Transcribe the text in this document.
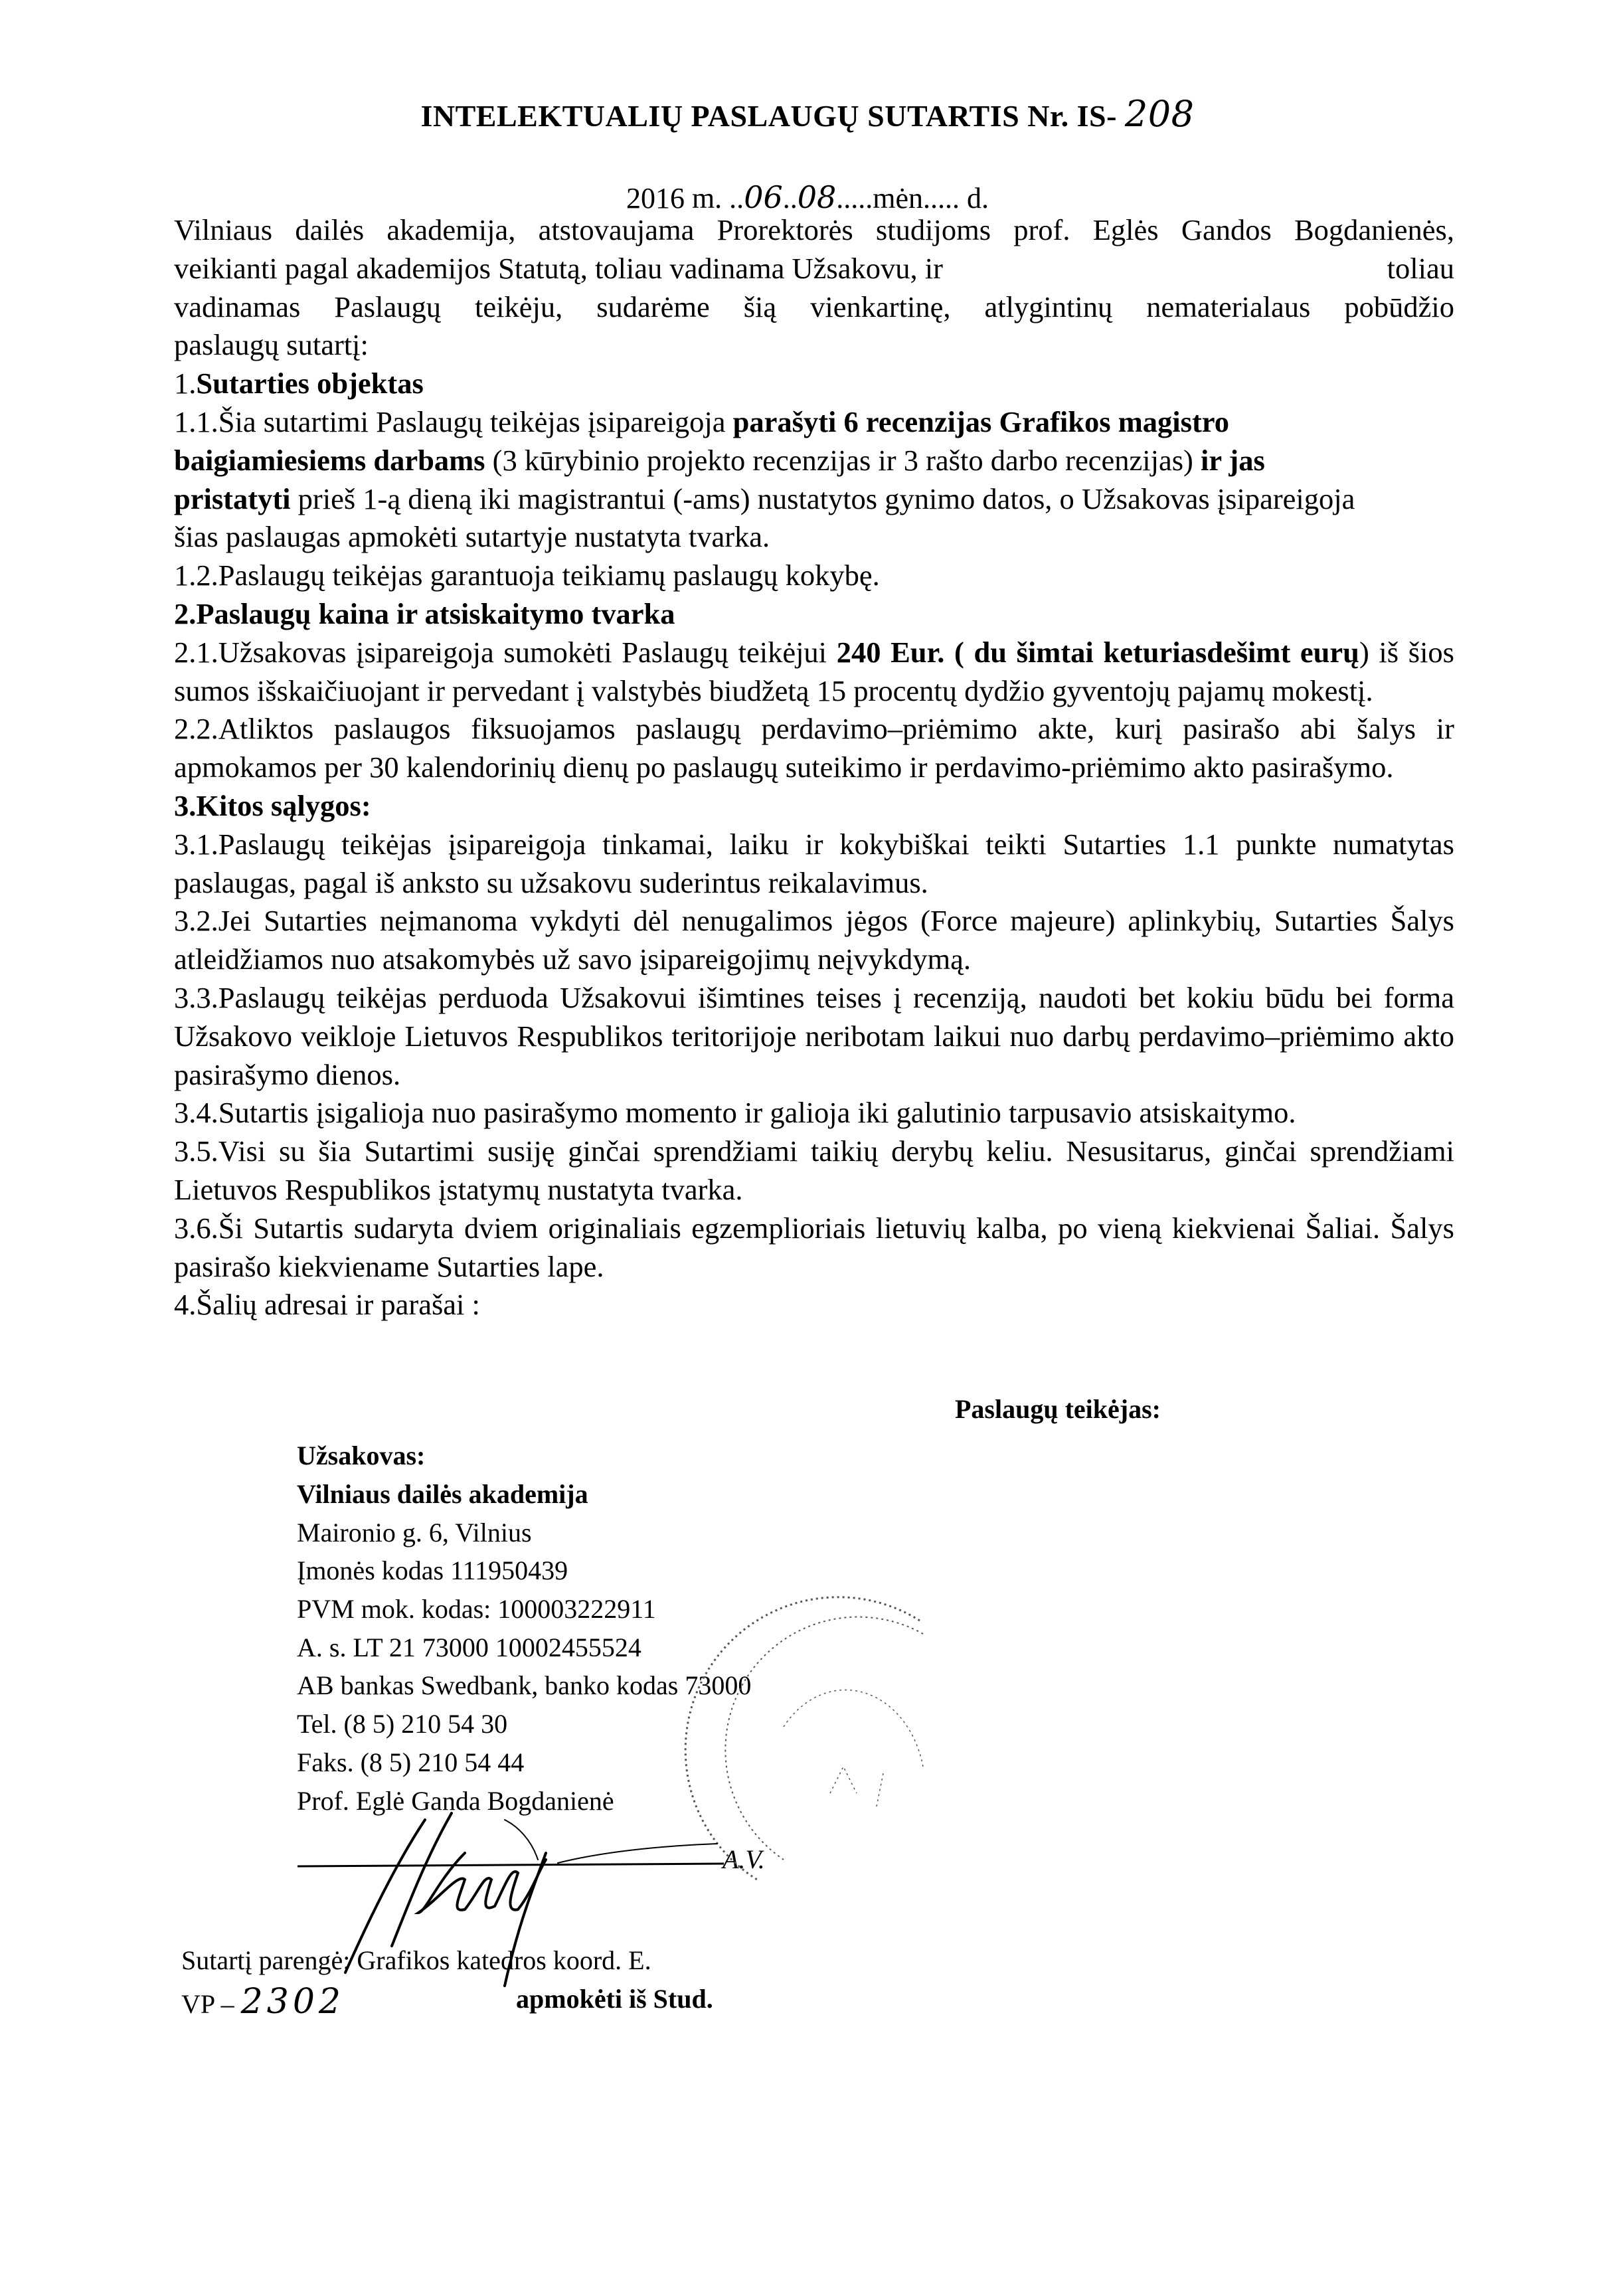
INTELEKTUALIŲ PASLAUGŲ SUTARTIS Nr. IS- 208
2016 m. ..06..08.....mėn..... d.

Vilniaus dailės akademija, atstovaujama Prorektorės studijoms prof. Eglės Gandos Bogdanienės,

veikianti pagal akademijos Statutą, toliau vadinama Užsakovu, ir	toliau

vadinamas Paslaugų teikėju, sudarėme šią vienkartinę, atlygintinų nematerialaus pobūdžio

paslaugų sutartį:

1.Sutarties objektas

1.1.Šia sutartimi Paslaugų teikėjas įsipareigoja parašyti 6 recenzijas Grafikos magistro baigiamiesiems darbams (3 kūrybinio projekto recenzijas ir 3 rašto darbo recenzijas) ir jas pristatyti prieš 1-ą dieną iki magistrantui (-ams) nustatytos gynimo datos, o Užsakovas įsipareigoja šias paslaugas apmokėti sutartyje nustatyta tvarka.

1.2.Paslaugų teikėjas garantuoja teikiamų paslaugų kokybę.

2.Paslaugų kaina ir atsiskaitymo tvarka

2.1.Užsakovas įsipareigoja sumokėti Paslaugų teikėjui 240 Eur. ( du šimtai keturiasdešimt eurų) iš šios sumos išskaičiuojant ir pervedant į valstybės biudžetą 15 procentų dydžio gyventojų pajamų mokestį.

2.2.Atliktos paslaugos fiksuojamos paslaugų perdavimo–priėmimo akte, kurį pasirašo abi šalys ir apmokamos per 30 kalendorinių dienų po paslaugų suteikimo ir perdavimo-priėmimo akto pasirašymo.

3.Kitos sąlygos:

3.1.Paslaugų teikėjas įsipareigoja tinkamai, laiku ir kokybiškai teikti Sutarties 1.1 punkte numatytas paslaugas, pagal iš anksto su užsakovu suderintus reikalavimus.

3.2.Jei Sutarties neįmanoma vykdyti dėl nenugalimos jėgos (Force majeure) aplinkybių, Sutarties Šalys atleidžiamos nuo atsakomybės už savo įsipareigojimų neįvykdymą.

3.3.Paslaugų teikėjas perduoda Užsakovui išimtines teises į recenziją, naudoti bet kokiu būdu bei forma Užsakovo veikloje Lietuvos Respublikos teritorijoje neribotam laikui nuo darbų perdavimo–priėmimo akto pasirašymo dienos.

3.4.Sutartis įsigalioja nuo pasirašymo momento ir galioja iki galutinio tarpusavio atsiskaitymo.

3.5.Visi su šia Sutartimi susiję ginčai sprendžiami taikių derybų keliu. Nesusitarus, ginčai sprendžiami Lietuvos Respublikos įstatymų nustatyta tvarka.

3.6.Ši Sutartis sudaryta dviem originaliais egzemplioriais lietuvių kalba, po vieną kiekvienai Šaliai. Šalys pasirašo kiekviename Sutarties lape.

4.Šalių adresai ir parašai :

Paslaugų teikėjas:
Užsakovas:
Vilniaus dailės akademija
Maironio g. 6, Vilnius
Įmonės kodas 111950439
PVM mok. kodas: 100003222911
A. s. LT 21 73000 10002455524
AB bankas Swedbank, banko kodas 73000
Tel. (8 5) 210 54 30
Faks. (8 5) 210 54 44
Prof. Eglė Ganda Bogdanienė
A.V.
Sutartį parengė: Grafikos katedros koord. E.
VP – 2302	apmokėti iš Stud.
